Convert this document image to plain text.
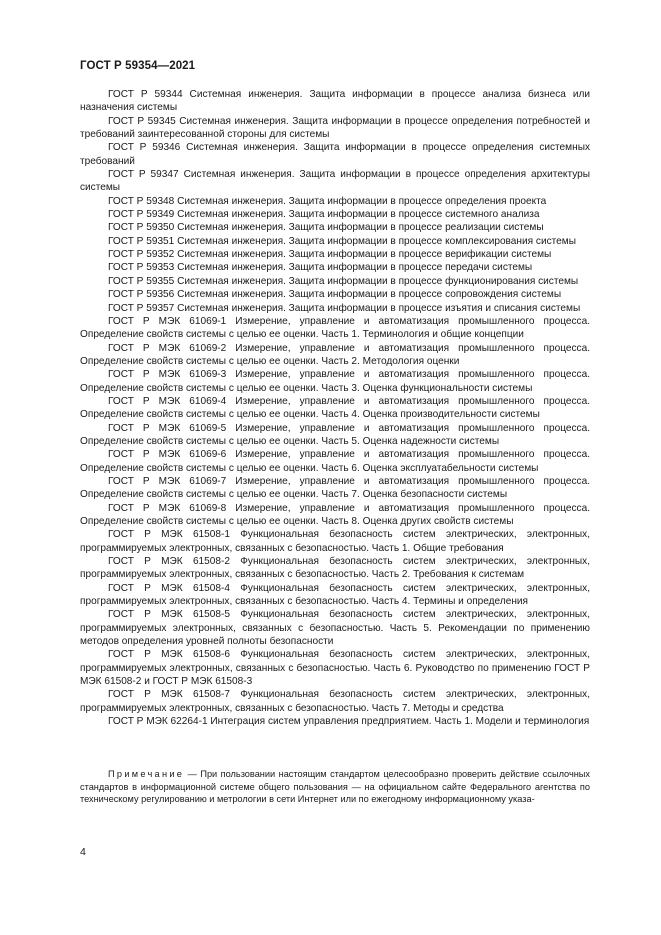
ГОСТ Р 59354—2021

ГОСТ Р 59344 Системная инженерия. Защита информации в процессе анализа бизнеса или назначения системы

ГОСТ Р 59345 Системная инженерия. Защита информации в процессе определения потребностей и требований заинтересованной стороны для системы

ГОСТ Р 59346 Системная инженерия. Защита информации в процессе определения системных требований

ГОСТ Р 59347 Системная инженерия. Защита информации в процессе определения архитектуры системы

ГОСТ Р 59348 Системная инженерия. Защита информации в процессе определения проекта

ГОСТ Р 59349 Системная инженерия. Защита информации в процессе системного анализа

ГОСТ Р 59350 Системная инженерия. Защита информации в процессе реализации системы

ГОСТ Р 59351 Системная инженерия. Защита информации в процессе комплексирования системы

ГОСТ Р 59352 Системная инженерия. Защита информации в процессе верификации системы

ГОСТ Р 59353 Системная инженерия. Защита информации в процессе передачи системы

ГОСТ Р 59355 Системная инженерия. Защита информации в процессе функционирования системы

ГОСТ Р 59356 Системная инженерия. Защита информации в процессе сопровождения системы

ГОСТ Р 59357 Системная инженерия. Защита информации в процессе изъятия и списания системы

ГОСТ Р МЭК 61069-1 Измерение, управление и автоматизация промышленного процесса. Определение свойств системы с целью ее оценки. Часть 1. Терминология и общие концепции

ГОСТ Р МЭК 61069-2 Измерение, управление и автоматизация промышленного процесса. Определение свойств системы с целью ее оценки. Часть 2. Методология оценки

ГОСТ Р МЭК 61069-3 Измерение, управление и автоматизация промышленного процесса. Определение свойств системы с целью ее оценки. Часть 3. Оценка функциональности системы

ГОСТ Р МЭК 61069-4 Измерение, управление и автоматизация промышленного процесса. Определение свойств системы с целью ее оценки. Часть 4. Оценка производительности системы

ГОСТ Р МЭК 61069-5 Измерение, управление и автоматизация промышленного процесса. Определение свойств системы с целью ее оценки. Часть 5. Оценка надежности системы

ГОСТ Р МЭК 61069-6 Измерение, управление и автоматизация промышленного процесса. Определение свойств системы с целью ее оценки. Часть 6. Оценка эксплуатабельности системы

ГОСТ Р МЭК 61069-7 Измерение, управление и автоматизация промышленного процесса. Определение свойств системы с целью ее оценки. Часть 7. Оценка безопасности системы

ГОСТ Р МЭК 61069-8 Измерение, управление и автоматизация промышленного процесса. Определение свойств системы с целью ее оценки. Часть 8. Оценка других свойств системы

ГОСТ Р МЭК 61508-1 Функциональная безопасность систем электрических, электронных, программируемых электронных, связанных с безопасностью. Часть 1. Общие требования

ГОСТ Р МЭК 61508-2 Функциональная безопасность систем электрических, электронных, программируемых электронных, связанных с безопасностью. Часть 2. Требования к системам

ГОСТ Р МЭК 61508-4 Функциональная безопасность систем электрических, электронных, программируемых электронных, связанных с безопасностью. Часть 4. Термины и определения

ГОСТ Р МЭК 61508-5 Функциональная безопасность систем электрических, электронных, программируемых электронных, связанных с безопасностью. Часть 5. Рекомендации по применению методов определения уровней полноты безопасности

ГОСТ Р МЭК 61508-6 Функциональная безопасность систем электрических, электронных, программируемых электронных, связанных с безопасностью. Часть 6. Руководство по применению ГОСТ Р МЭК 61508-2 и ГОСТ Р МЭК 61508-3

ГОСТ Р МЭК 61508-7 Функциональная безопасность систем электрических, электронных, программируемых электронных, связанных с безопасностью. Часть 7. Методы и средства

ГОСТ Р МЭК 62264-1 Интеграция систем управления предприятием. Часть 1. Модели и терминология

Примечание — При пользовании настоящим стандартом целесообразно проверить действие ссылочных стандартов в информационной системе общего пользования — на официальном сайте Федерального агентства по техническому регулированию и метрологии в сети Интернет или по ежегодному информационному указа-

4
